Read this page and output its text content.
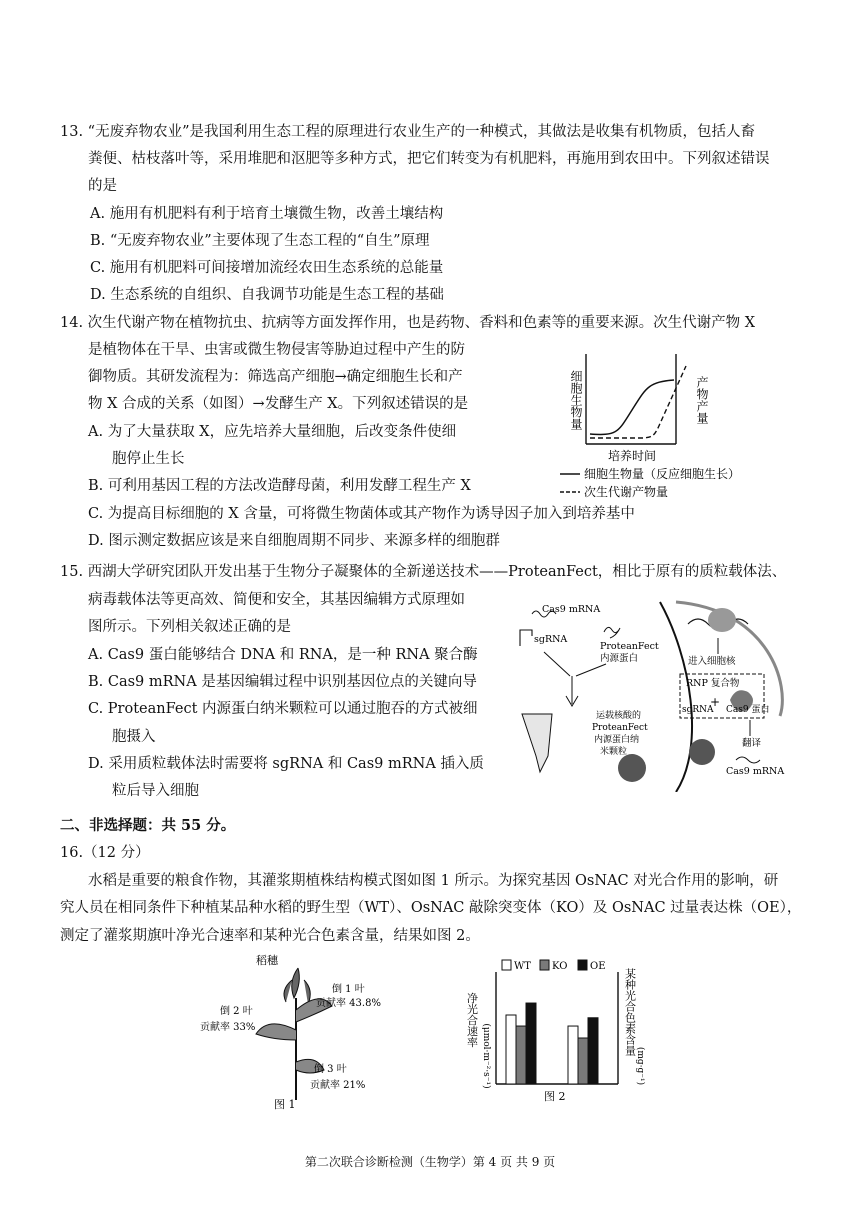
13. “无废弃物农业”是我国利用生态工程的原理进行农业生产的一种模式，其做法是收集有机物质，包括人畜
粪便、枯枝落叶等，采用堆肥和沤肥等多种方式，把它们转变为有机肥料，再施用到农田中。下列叙述错误
的是
A. 施用有机肥料有利于培育土壤微生物，改善土壤结构
B. “无废弃物农业”主要体现了生态工程的“自生”原理
C. 施用有机肥料可间接增加流经农田生态系统的总能量
D. 生态系统的自组织、自我调节功能是生态工程的基础
14. 次生代谢产物在植物抗虫、抗病等方面发挥作用，也是药物、香料和色素等的重要来源。次生代谢产物 X
是植物体在干旱、虫害或微生物侵害等胁迫过程中产生的防
御物质。其研发流程为：筛选高产细胞→确定细胞生长和产
物 X 合成的关系（如图）→发酵生产 X。下列叙述错误的是
A. 为了大量获取 X，应先培养大量细胞，后改变条件使细
胞停止生长
B. 可利用基因工程的方法改造酵母菌，利用发酵工程生产 X
C. 为提高目标细胞的 X 含量，可将微生物菌体或其产物作为诱导因子加入到培养基中
D. 图示测定数据应该是来自细胞周期不同步、来源多样的细胞群
细胞生物量	产物产量
培养时间
细胞生物量（反应细胞生长）
次生代谢产物量
15. 西湖大学研究团队开发出基于生物分子凝聚体的全新递送技术——ProteanFect，相比于原有的质粒载体法、
病毒载体法等更高效、简便和安全，其基因编辑方式原理如
图所示。下列相关叙述正确的是
A. Cas9 蛋白能够结合 DNA 和 RNA，是一种 RNA 聚合酶
B. Cas9 mRNA 是基因编辑过程中识别基因位点的关键向导
C. ProteanFect 内源蛋白纳米颗粒可以通过胞吞的方式被细
胞摄入
D. 采用质粒载体法时需要将 sgRNA 和 Cas9 mRNA 插入质
粒后导入细胞
Cas9 mRNA
sgRNA
ProteanFect
内源蛋白
运载核酸的
ProteanFect
内源蛋白纳
米颗粒
进入细胞核
RNP 复合物
+
sgRNA Cas9 蛋白
翻译
Cas9 mRNA
二、非选择题：共 55 分。
16.（12 分）
水稻是重要的粮食作物，其灌浆期植株结构模式图如图 1 所示。为探究基因 OsNAC 对光合作用的影响，研
究人员在相同条件下种植某品种水稻的野生型（WT）、OsNAC 敲除突变体（KO）及 OsNAC 过量表达株（OE），
测定了灌浆期旗叶净光合速率和某种光合色素含量，结果如图 2。
稻穗
倒 2 叶
贡献率 33%
倒 1 叶
贡献率 43.8%
倒 3 叶
贡献率 21%
图 1
WT KO OE
净光合速率
(μmol·m⁻²·s⁻¹)	某种光合色素含量
(mg·g⁻¹)
图 2
第二次联合诊断检测（生物学）第 4 页 共 9 页
